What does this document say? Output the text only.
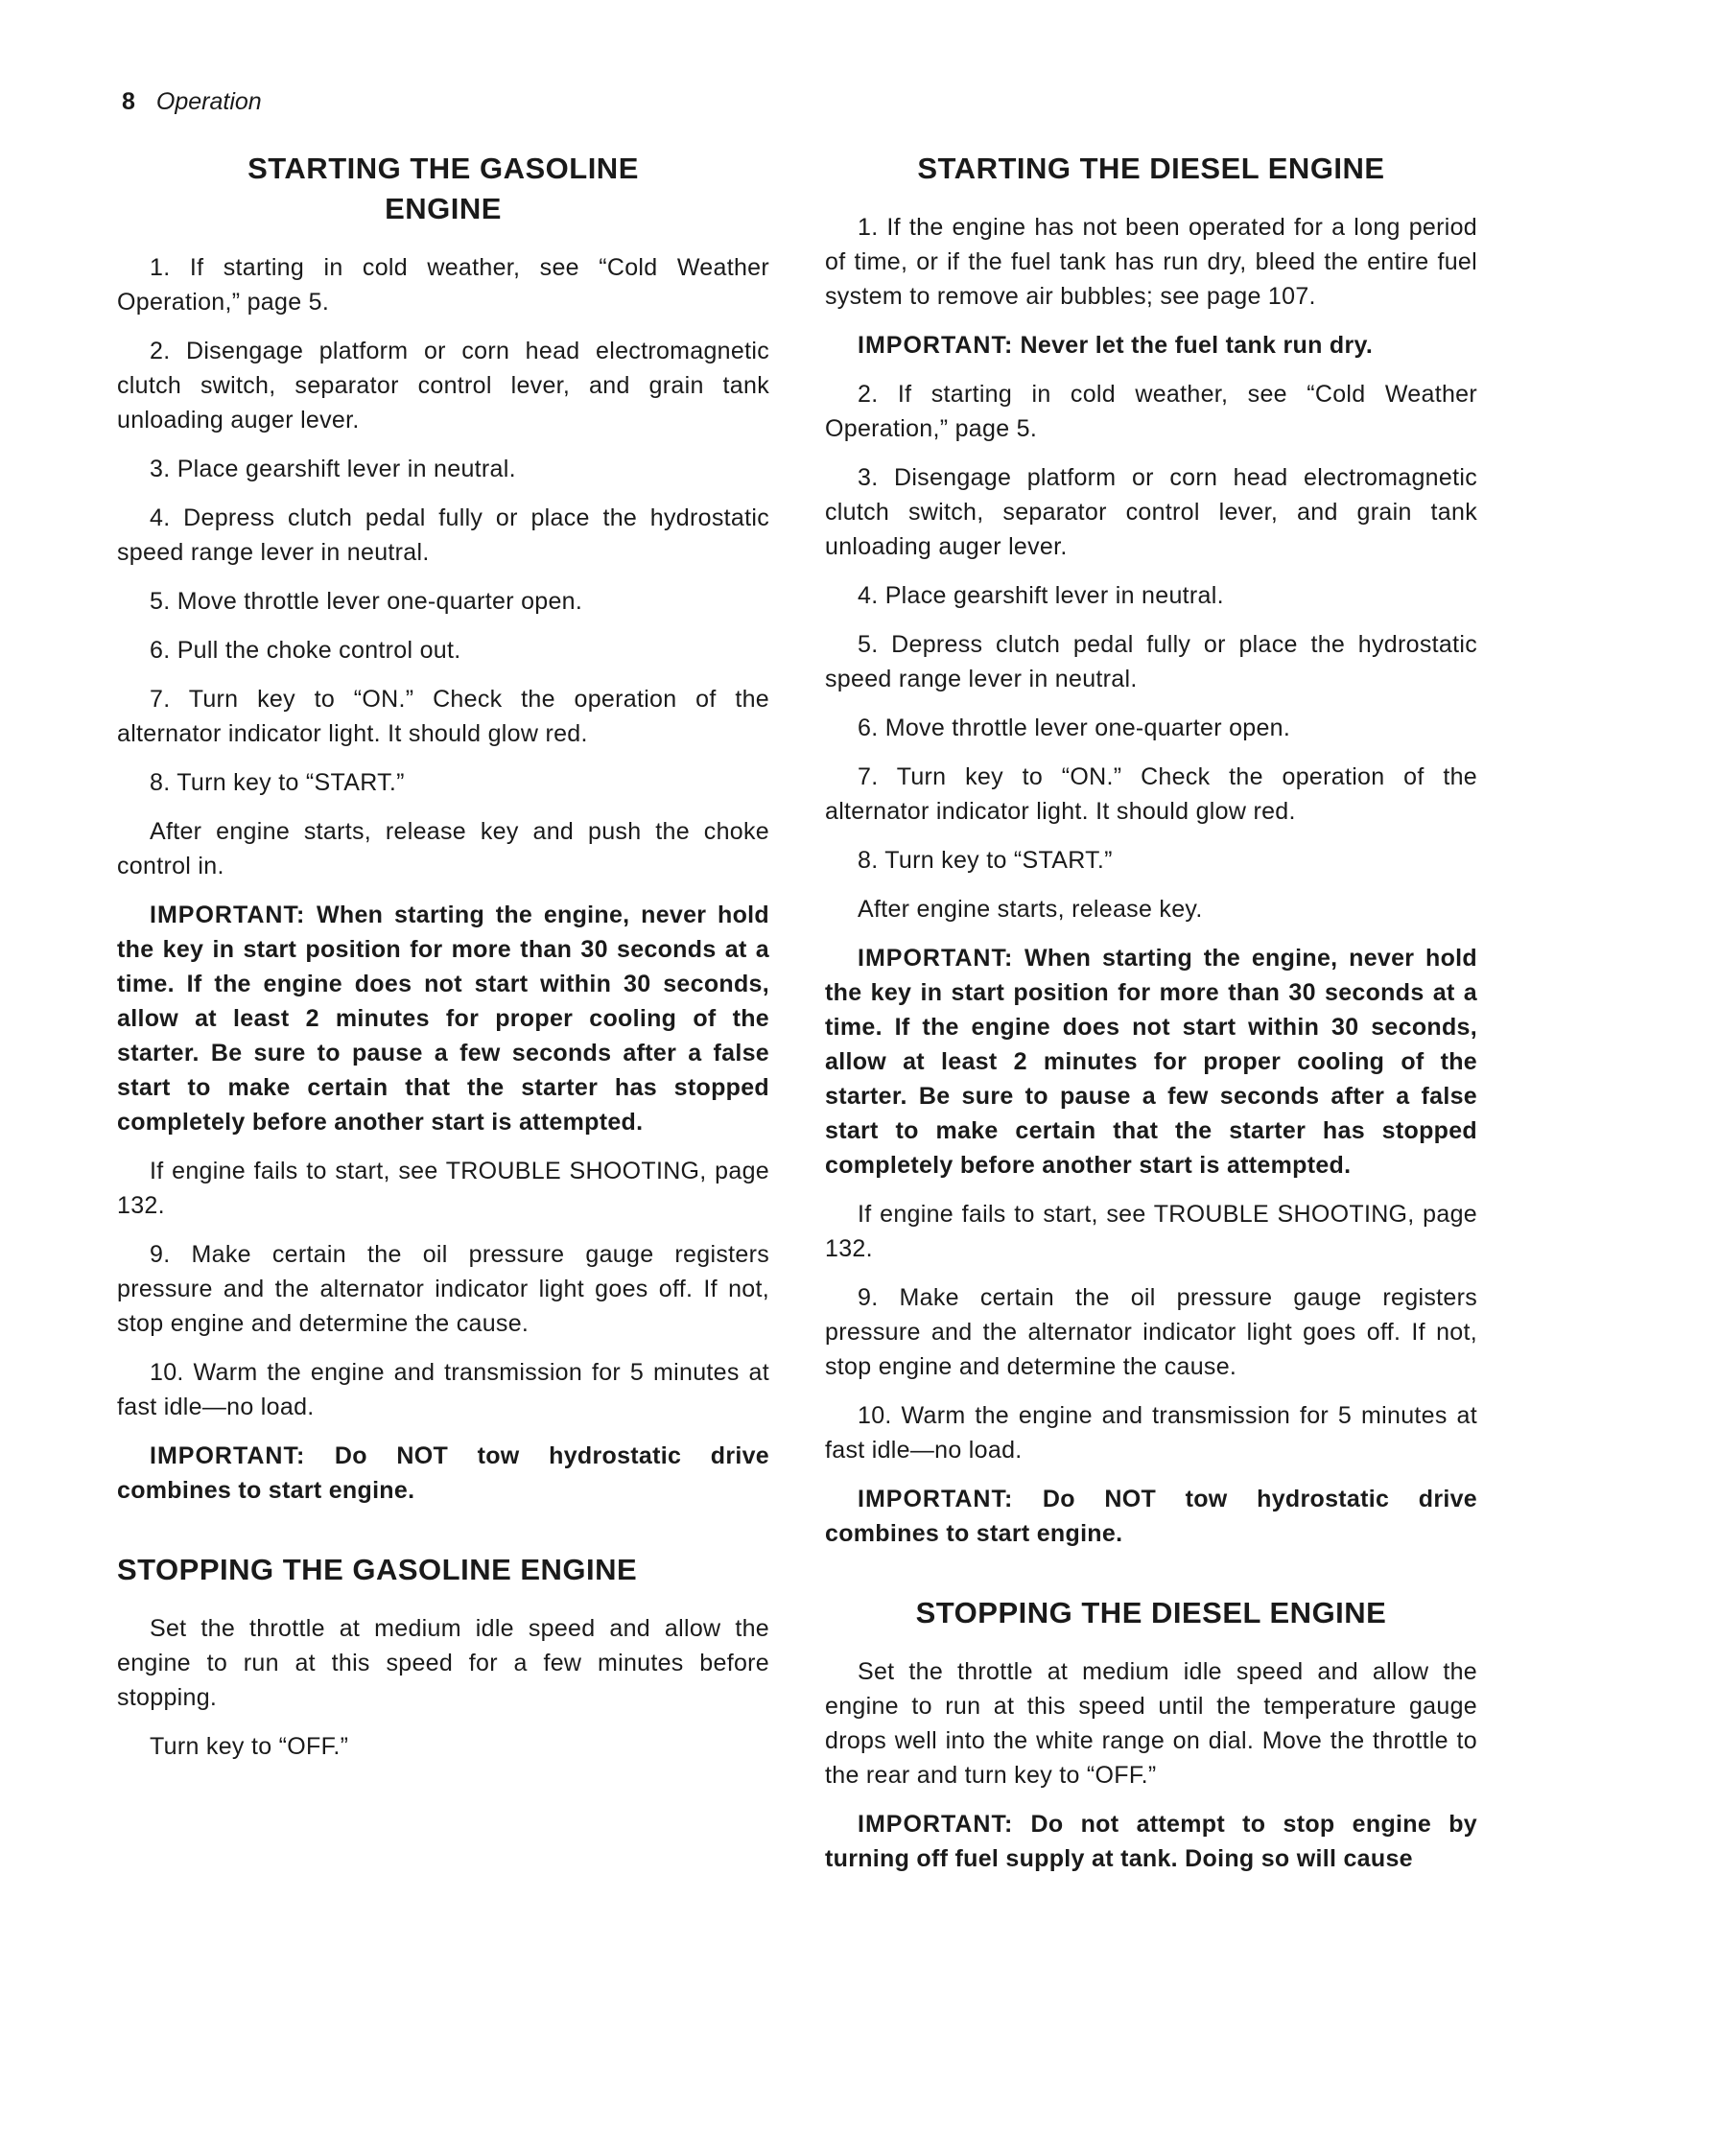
8 Operation
STARTING THE GASOLINE
ENGINE

1. If starting in cold weather, see “Cold Weather Operation,” page 5.

2. Disengage platform or corn head electromagnetic clutch switch, separator control lever, and grain tank unloading auger lever.

3. Place gearshift lever in neutral.

4. Depress clutch pedal fully or place the hydrostatic speed range lever in neutral.

5. Move throttle lever one-quarter open.

6. Pull the choke control out.

7. Turn key to “ON.” Check the operation of the alternator indicator light. It should glow red.

8. Turn key to “START.”

After engine starts, release key and push the choke control in.

IMPORTANT: When starting the engine, never hold the key in start position for more than 30 seconds at a time. If the engine does not start within 30 seconds, allow at least 2 minutes for proper cooling of the starter. Be sure to pause a few seconds after a false start to make certain that the starter has stopped completely before another start is attempted.

If engine fails to start, see TROUBLE SHOOTING, page 132.

9. Make certain the oil pressure gauge registers pressure and the alternator indicator light goes off. If not, stop engine and determine the cause.

10. Warm the engine and transmission for 5 minutes at fast idle—no load.

IMPORTANT: Do NOT tow hydrostatic drive combines to start engine.

STOPPING THE GASOLINE ENGINE

Set the throttle at medium idle speed and allow the engine to run at this speed for a few minutes before stopping.

Turn key to “OFF.”

STARTING THE DIESEL ENGINE

1. If the engine has not been operated for a long period of time, or if the fuel tank has run dry, bleed the entire fuel system to remove air bubbles; see page 107.

IMPORTANT: Never let the fuel tank run dry.

2. If starting in cold weather, see “Cold Weather Operation,” page 5.

3. Disengage platform or corn head electromagnetic clutch switch, separator control lever, and grain tank unloading auger lever.

4. Place gearshift lever in neutral.

5. Depress clutch pedal fully or place the hydrostatic speed range lever in neutral.

6. Move throttle lever one-quarter open.

7. Turn key to “ON.” Check the operation of the alternator indicator light. It should glow red.

8. Turn key to “START.”

After engine starts, release key.

IMPORTANT: When starting the engine, never hold the key in start position for more than 30 seconds at a time. If the engine does not start within 30 seconds, allow at least 2 minutes for proper cooling of the starter. Be sure to pause a few seconds after a false start to make certain that the starter has stopped completely before another start is attempted.

If engine fails to start, see TROUBLE SHOOTING, page 132.

9. Make certain the oil pressure gauge registers pressure and the alternator indicator light goes off. If not, stop engine and determine the cause.

10. Warm the engine and transmission for 5 minutes at fast idle—no load.

IMPORTANT: Do NOT tow hydrostatic drive combines to start engine.

STOPPING THE DIESEL ENGINE

Set the throttle at medium idle speed and allow the engine to run at this speed until the temperature gauge drops well into the white range on dial. Move the throttle to the rear and turn key to “OFF.”

IMPORTANT: Do not attempt to stop engine by turning off fuel supply at tank. Doing so will cause
